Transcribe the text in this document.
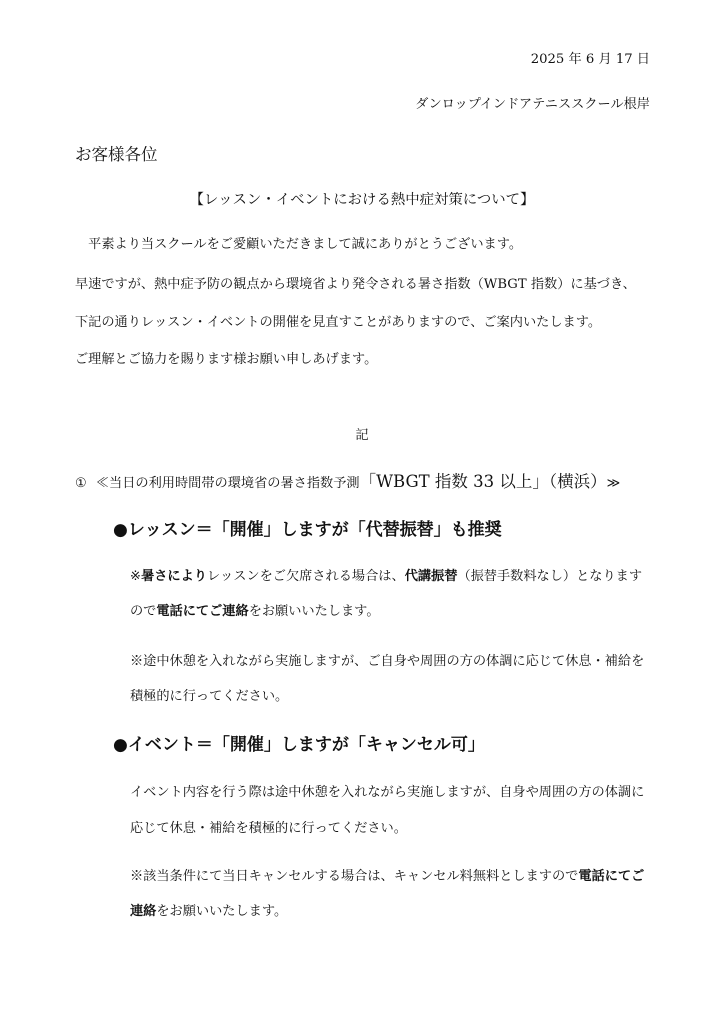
2025 年 6 月 17 日
ダンロップインドアテニススクール根岸
お客様各位
【レッスン・イベントにおける熱中症対策について】
　平素より当スクールをご愛顧いただきまして誠にありがとうございます。
早速ですが、熱中症予防の観点から環境省より発令される暑さ指数（WBGT 指数）に基づき、
下記の通りレッスン・イベントの開催を見直すことがありますので、ご案内いたします。
ご理解とご協力を賜ります様お願い申しあげます。
記
① ≪当日の利用時間帯の環境省の暑さ指数予測「WBGT 指数 33 以上」（横浜）≫
●レッスン＝「開催」しますが「代替振替」も推奨
※暑さによりレッスンをご欠席される場合は、代講振替（振替手数料なし）となります
ので電話にてご連絡をお願いいたします。
※途中休憩を入れながら実施しますが、ご自身や周囲の方の体調に応じて休息・補給を
積極的に行ってください。
●イベント＝「開催」しますが「キャンセル可」
イベント内容を行う際は途中休憩を入れながら実施しますが、自身や周囲の方の体調に
応じて休息・補給を積極的に行ってください。
※該当条件にて当日キャンセルする場合は、キャンセル料無料としますので電話にてご
連絡をお願いいたします。
